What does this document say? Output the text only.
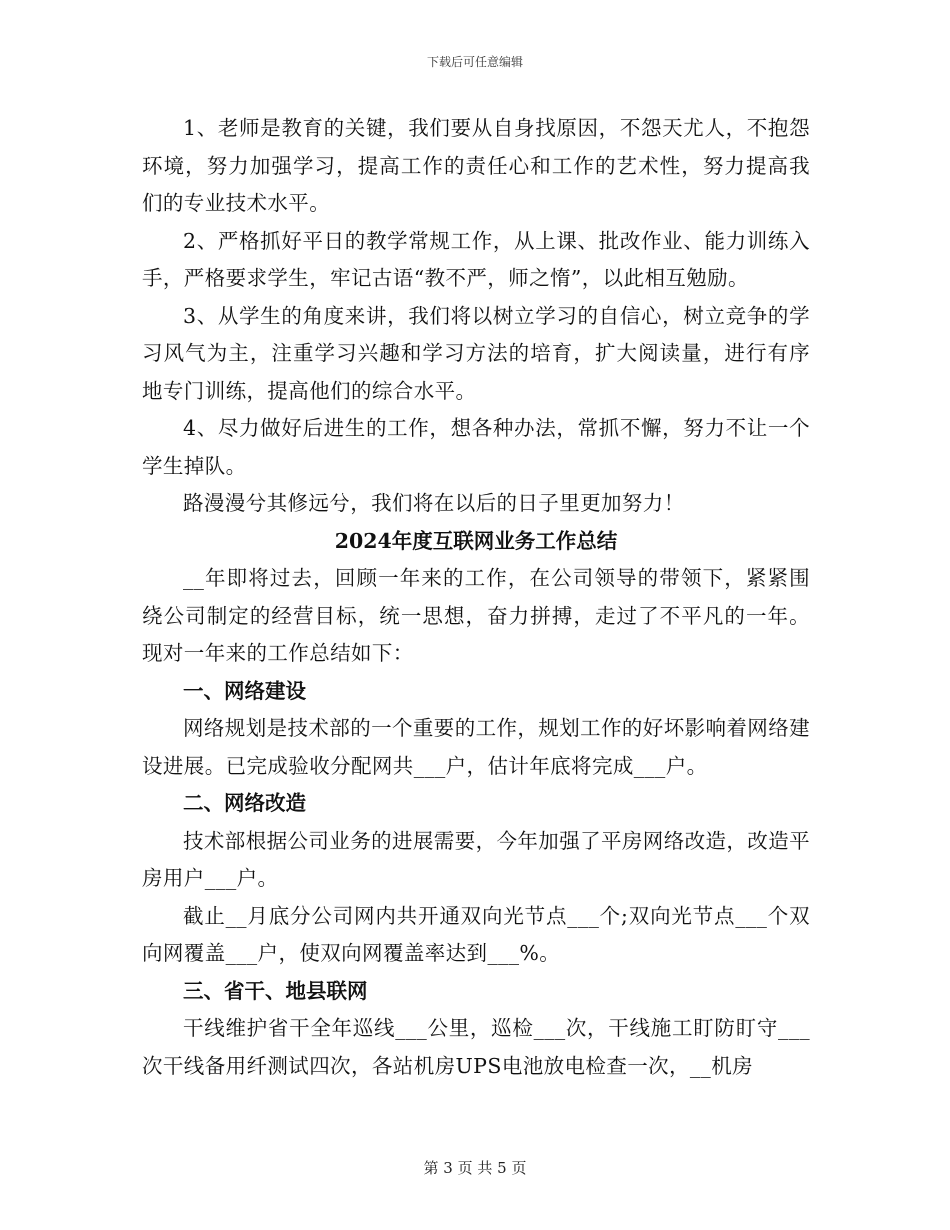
下载后可任意编辑

1、老师是教育的关键，我们要从自身找原因，不怨天尤人，不抱怨环境，努力加强学习，提高工作的责任心和工作的艺术性，努力提高我们的专业技术水平。

2、严格抓好平日的教学常规工作，从上课、批改作业、能力训练入手，严格要求学生，牢记古语“教不严，师之惰”，以此相互勉励。

3、从学生的角度来讲，我们将以树立学习的自信心，树立竞争的学习风气为主，注重学习兴趣和学习方法的培育，扩大阅读量，进行有序地专门训练，提高他们的综合水平。

4、尽力做好后进生的工作，想各种办法，常抓不懈，努力不让一个学生掉队。

路漫漫兮其修远兮，我们将在以后的日子里更加努力！

2024年度互联网业务工作总结

__年即将过去，回顾一年来的工作，在公司领导的带领下，紧紧围绕公司制定的经营目标，统一思想，奋力拼搏，走过了不平凡的一年。现对一年来的工作总结如下：

一、网络建设

网络规划是技术部的一个重要的工作，规划工作的好坏影响着网络建设进展。已完成验收分配网共___户，估计年底将完成___户。

二、网络改造

技术部根据公司业务的进展需要，今年加强了平房网络改造，改造平房用户___户。

截止__月底分公司网内共开通双向光节点___个;双向光节点___个双向网覆盖___户，使双向网覆盖率达到___%。

三、省干、地县联网

干线维护省干全年巡线___公里，巡检___次，干线施工盯防盯守___次干线备用纤测试四次，各站机房UPS电池放电检查一次，__机房

第 3 页 共 5 页
